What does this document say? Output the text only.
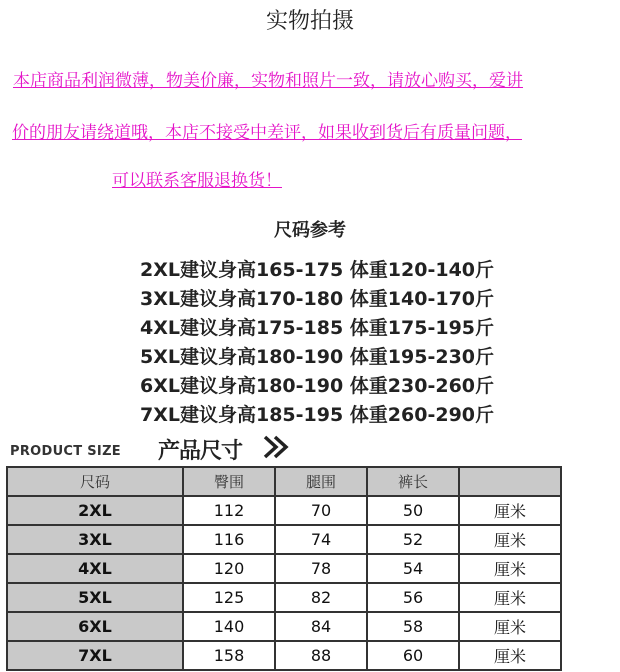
实物拍摄
本店商品利润微薄，物美价廉，实物和照片一致，请放心购买，爱讲
价的朋友请绕道哦，本店不接受中差评，如果收到货后有质量问题，
可以联系客服退换货！
尺码参考
2XL建议身高165-175 体重120-140斤
3XL建议身高170-180 体重140-170斤
4XL建议身高175-185 体重175-195斤
5XL建议身高180-190 体重195-230斤
6XL建议身高180-190 体重230-260斤
7XL建议身高185-195 体重260-290斤
PRODUCT SIZE 产品尺寸
尺码	臀围	腿围	裤长	
2XL	112	70	50	厘米
3XL	116	74	52	厘米
4XL	120	78	54	厘米
5XL	125	82	56	厘米
6XL	140	84	58	厘米
7XL	158	88	60	厘米
